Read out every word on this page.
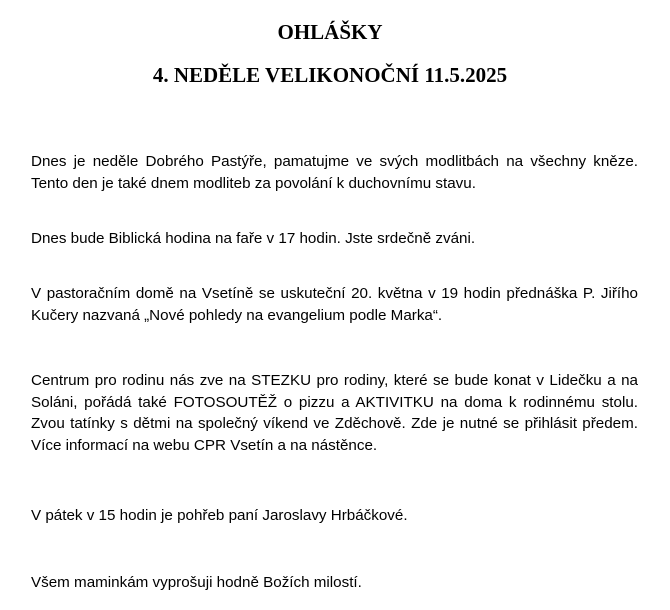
OHLÁŠKY
4. NEDĚLE VELIKONOČNÍ 11.5.2025

Dnes je neděle Dobrého Pastýře, pamatujme ve svých modlitbách na všechny kněze. Tento den je také dnem modliteb za povolání k duchovnímu stavu.

Dnes bude Biblická hodina na faře v 17 hodin. Jste srdečně zváni.

V pastoračním domě na Vsetíně se uskuteční 20. května v 19 hodin přednáška P. Jiřího Kučery nazvaná „Nové pohledy na evangelium podle Marka“.

Centrum pro rodinu nás zve na STEZKU pro rodiny, které se bude konat v Lidečku a na Soláni, pořádá také FOTOSOUTĚŽ o pizzu a AKTIVITKU na doma k rodinnému stolu. Zvou tatínky s dětmi na společný víkend ve Zděchově. Zde je nutné se přihlásit předem. Více informací na webu CPR Vsetín a na nástěnce.

V pátek v 15 hodin je pohřeb paní Jaroslavy Hrbáčkové.

Všem maminkám vyprošuji hodně Božích milostí.
